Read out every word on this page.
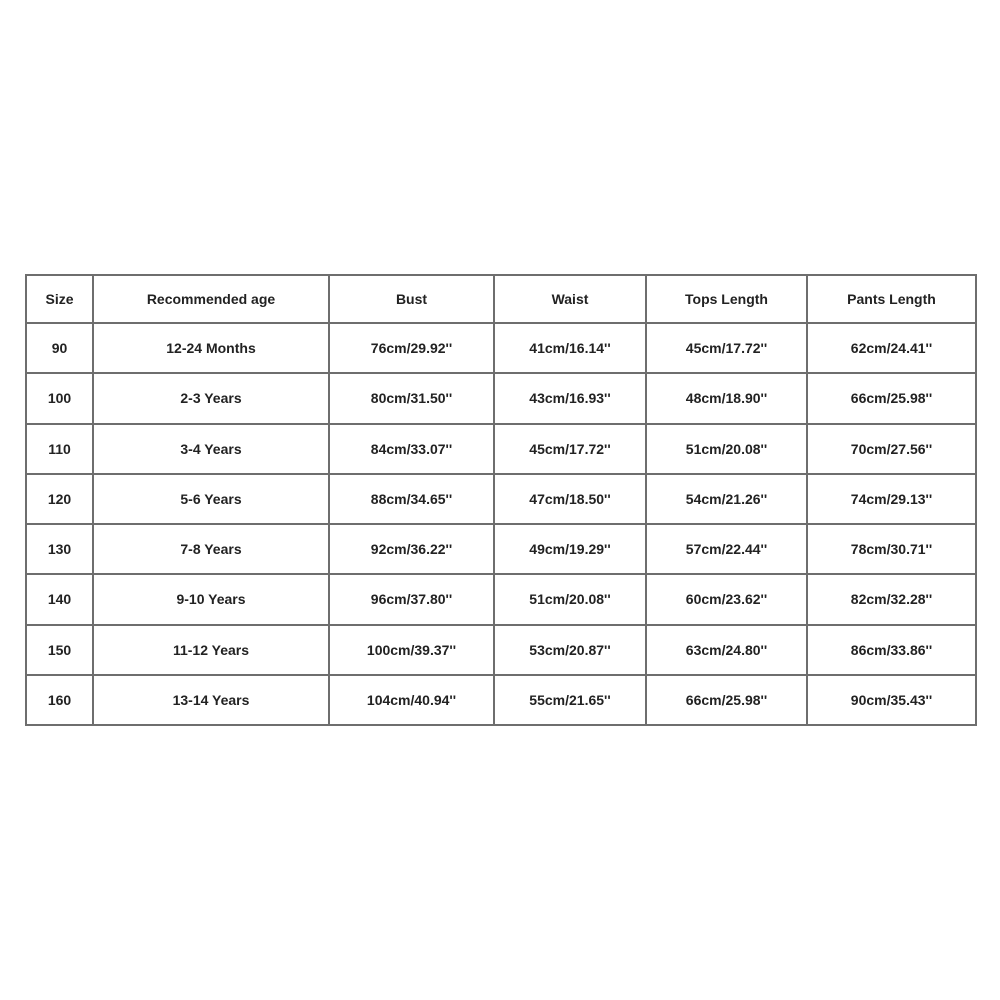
Size	Recommended age	Bust	Waist	Tops Length	Pants Length
90	12-24 Months	76cm/29.92''	41cm/16.14''	45cm/17.72''	62cm/24.41''
100	2-3 Years	80cm/31.50''	43cm/16.93''	48cm/18.90''	66cm/25.98''
110	3-4 Years	84cm/33.07''	45cm/17.72''	51cm/20.08''	70cm/27.56''
120	5-6 Years	88cm/34.65''	47cm/18.50''	54cm/21.26''	74cm/29.13''
130	7-8 Years	92cm/36.22''	49cm/19.29''	57cm/22.44''	78cm/30.71''
140	9-10 Years	96cm/37.80''	51cm/20.08''	60cm/23.62''	82cm/32.28''
150	11-12 Years	100cm/39.37''	53cm/20.87''	63cm/24.80''	86cm/33.86''
160	13-14 Years	104cm/40.94''	55cm/21.65''	66cm/25.98''	90cm/35.43''
